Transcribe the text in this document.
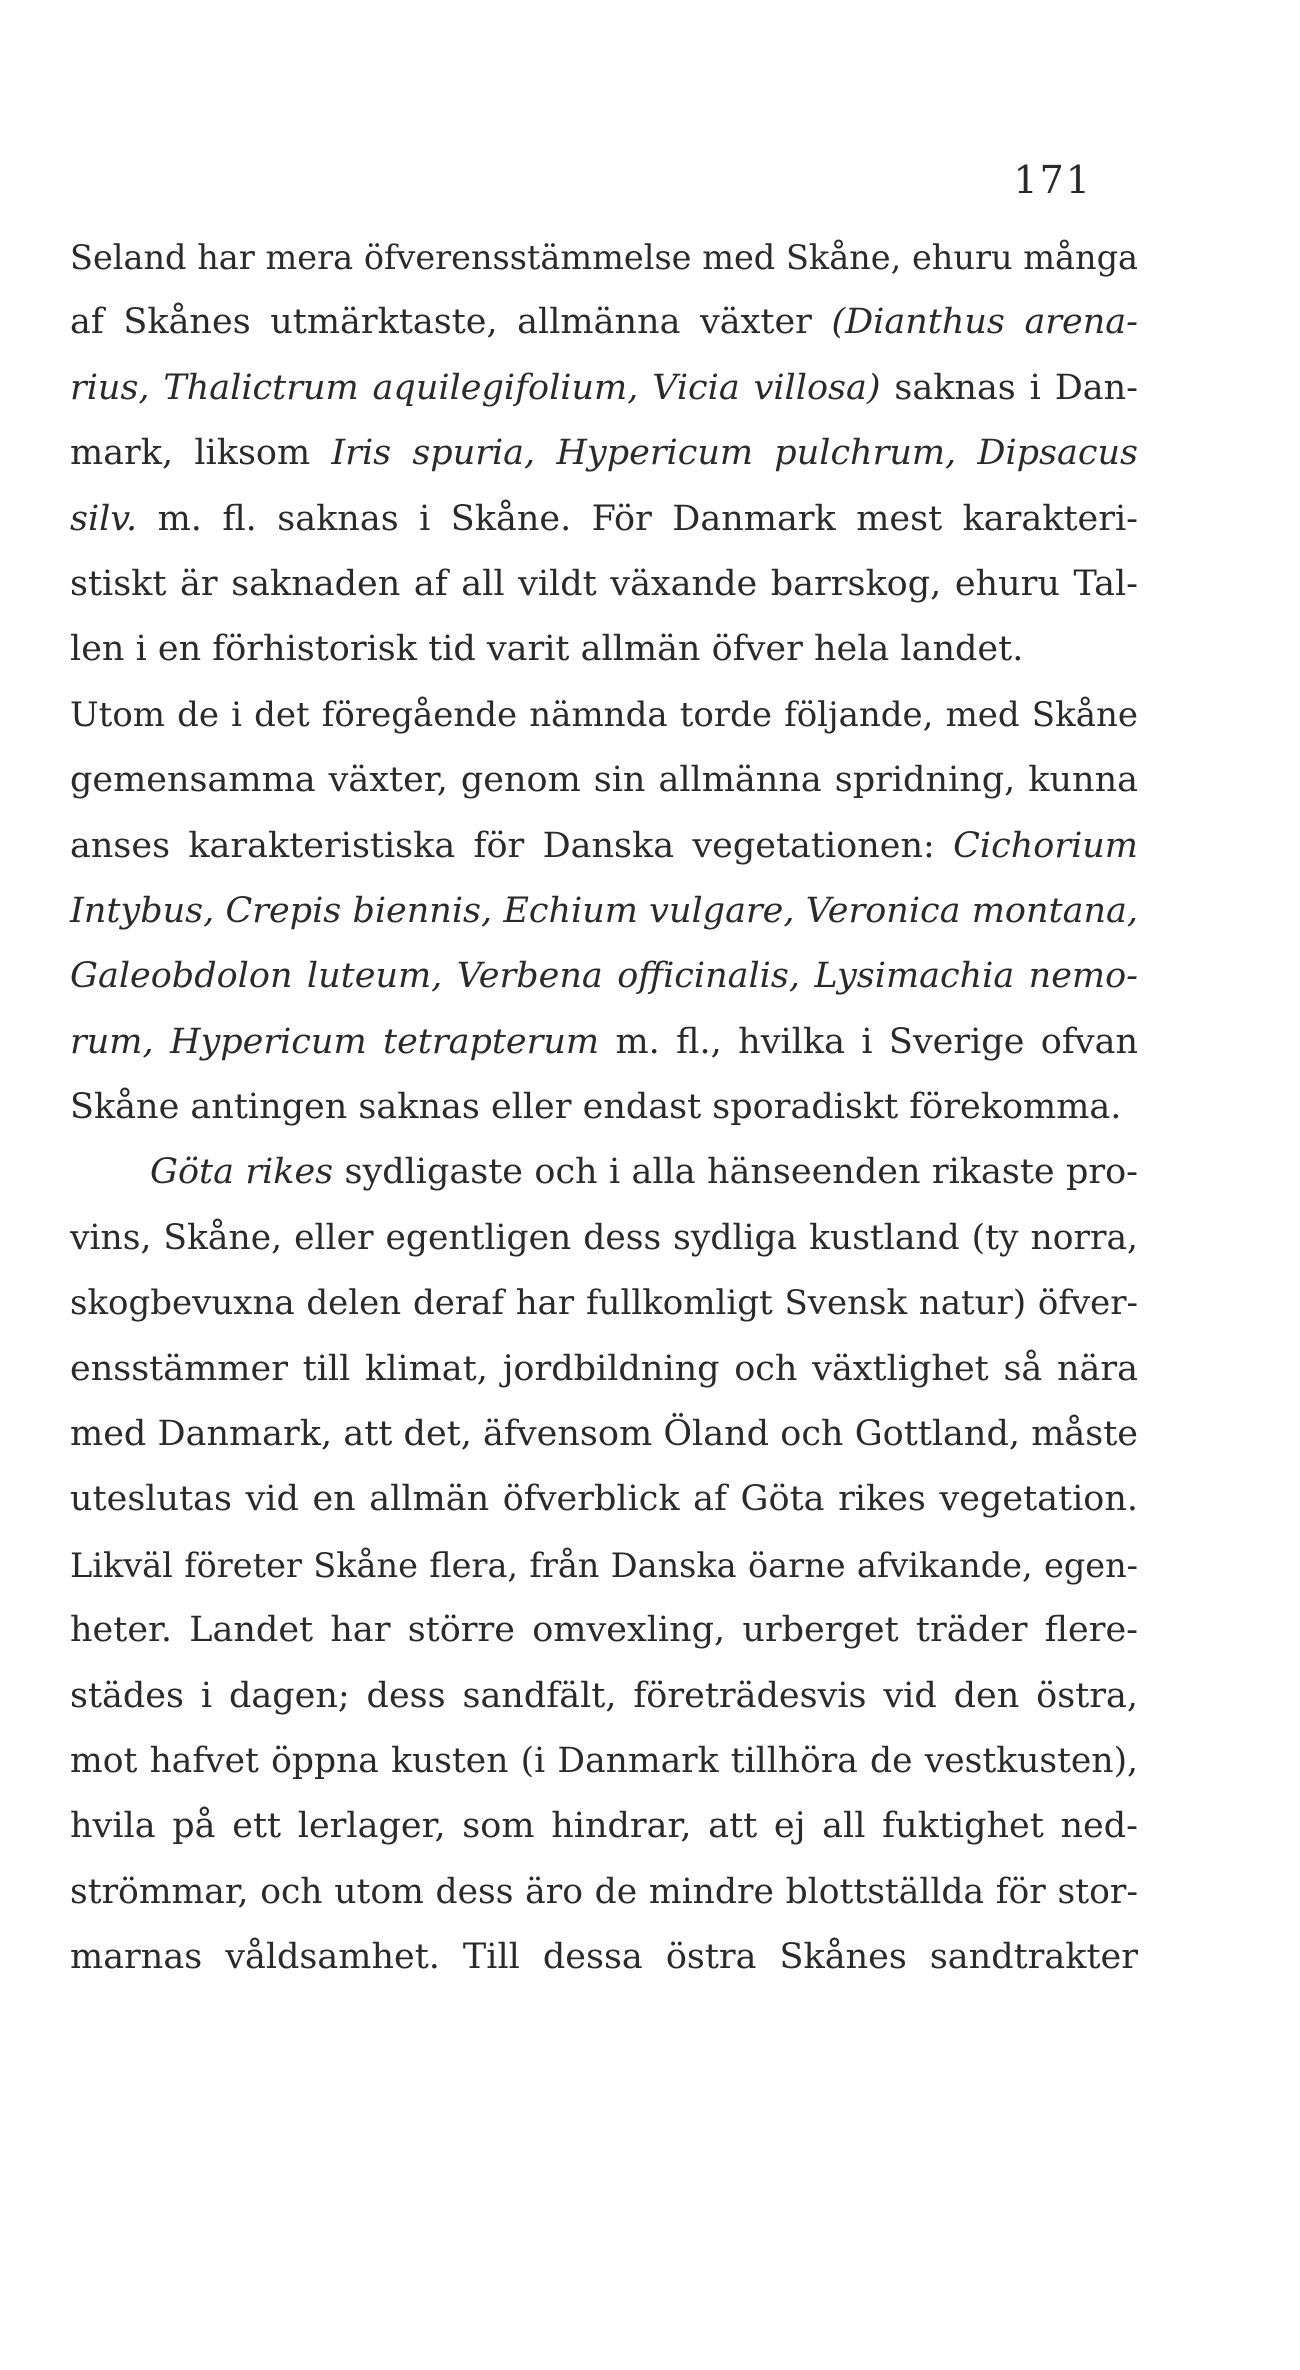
171
Seland har mera öfverensstämmelse med Skåne, ehuru många
af Skånes utmärktaste, allmänna växter (Dianthus arena-
rius, Thalictrum aquilegifolium, Vicia villosa) saknas i Dan-
mark, liksom Iris spuria, Hypericum pulchrum, Dipsacus
silv. m. fl. saknas i Skåne. För Danmark mest karakteri-
stiskt är saknaden af all vildt växande barrskog, ehuru Tal-
len i en förhistorisk tid varit allmän öfver hela landet.
Utom de i det föregående nämnda torde följande, med Skåne
gemensamma växter, genom sin allmänna spridning, kunna
anses karakteristiska för Danska vegetationen: Cichorium
Intybus, Crepis biennis, Echium vulgare, Veronica montana,
Galeobdolon luteum, Verbena officinalis, Lysimachia nemo-
rum, Hypericum tetrapterum m. fl., hvilka i Sverige ofvan
Skåne antingen saknas eller endast sporadiskt förekomma.
Göta rikes sydligaste och i alla hänseenden rikaste pro-
vins, Skåne, eller egentligen dess sydliga kustland (ty norra,
skogbevuxna delen deraf har fullkomligt Svensk natur) öfver-
ensstämmer till klimat, jordbildning och växtlighet så nära
med Danmark, att det, äfvensom Öland och Gottland, måste
uteslutas vid en allmän öfverblick af Göta rikes vegetation.
Likväl företer Skåne flera, från Danska öarne afvikande, egen-
heter. Landet har större omvexling, urberget träder flere-
städes i dagen; dess sandfält, företrädesvis vid den östra,
mot hafvet öppna kusten (i Danmark tillhöra de vestkusten),
hvila på ett lerlager, som hindrar, att ej all fuktighet ned-
strömmar, och utom dess äro de mindre blottställda för stor-
marnas våldsamhet. Till dessa östra Skånes sandtrakter
